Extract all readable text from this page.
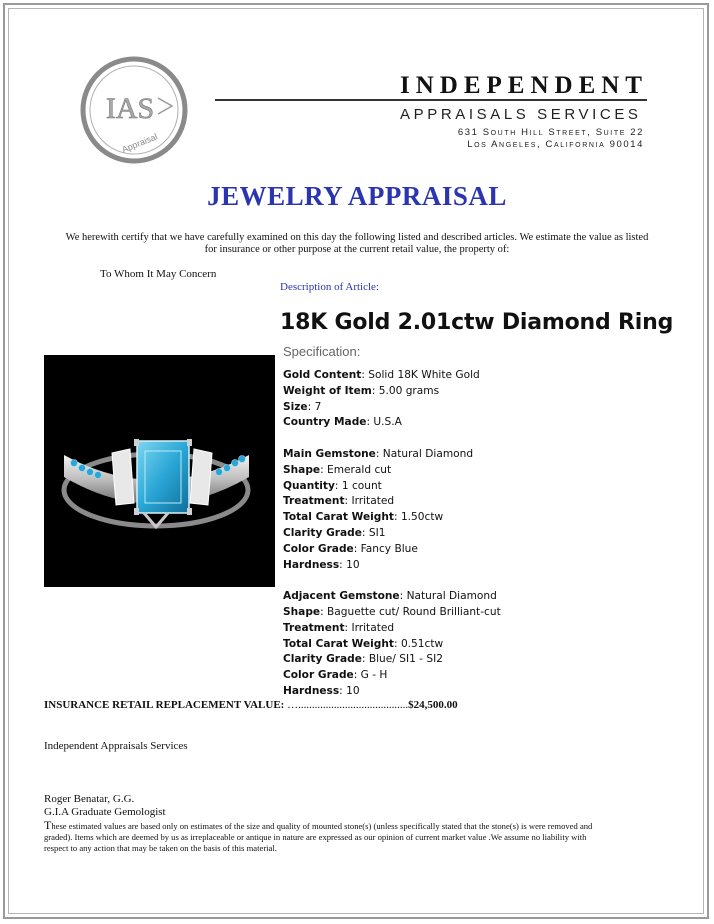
IAS
Appraisal
INDEPENDENT
APPRAISALS SERVICES
631 South Hill Street, Suite 22
Los Angeles, California 90014
JEWELRY APPRAISAL
We herewith certify that we have carefully examined on this day the following listed and described articles. We estimate the value as listed for insurance or other purpose at the current retail value, the property of:
To Whom It May Concern
Description of Article:
18K Gold 2.01ctw Diamond Ring
Specification:
Gold Content: Solid 18K White Gold
Weight of Item: 5.00 grams
Size: 7
Country Made: U.S.A
Main Gemstone: Natural Diamond
Shape: Emerald cut
Quantity: 1 count
Treatment: Irritated
Total Carat Weight: 1.50ctw
Clarity Grade: SI1
Color Grade: Fancy Blue
Hardness: 10
Adjacent Gemstone: Natural Diamond
Shape: Baguette cut/ Round Brilliant-cut
Treatment: Irritated
Total Carat Weight: 0.51ctw
Clarity Grade: Blue/ SI1 - SI2
Color Grade: G - H
Hardness: 10
INSURANCE RETAIL REPLACEMENT VALUE: …........................................$24,500.00
Independent Appraisals Services
Roger Benatar, G.G.
G.I.A Graduate Gemologist
These estimated values are based only on estimates of the size and quality of mounted stone(s) (unless specifically stated that the stone(s) is were removed and graded). Items which are deemed by us as irreplaceable or antique in nature are expressed as our opinion of current market value .We assume no liability with respect to any action that may be taken on the basis of this material.
